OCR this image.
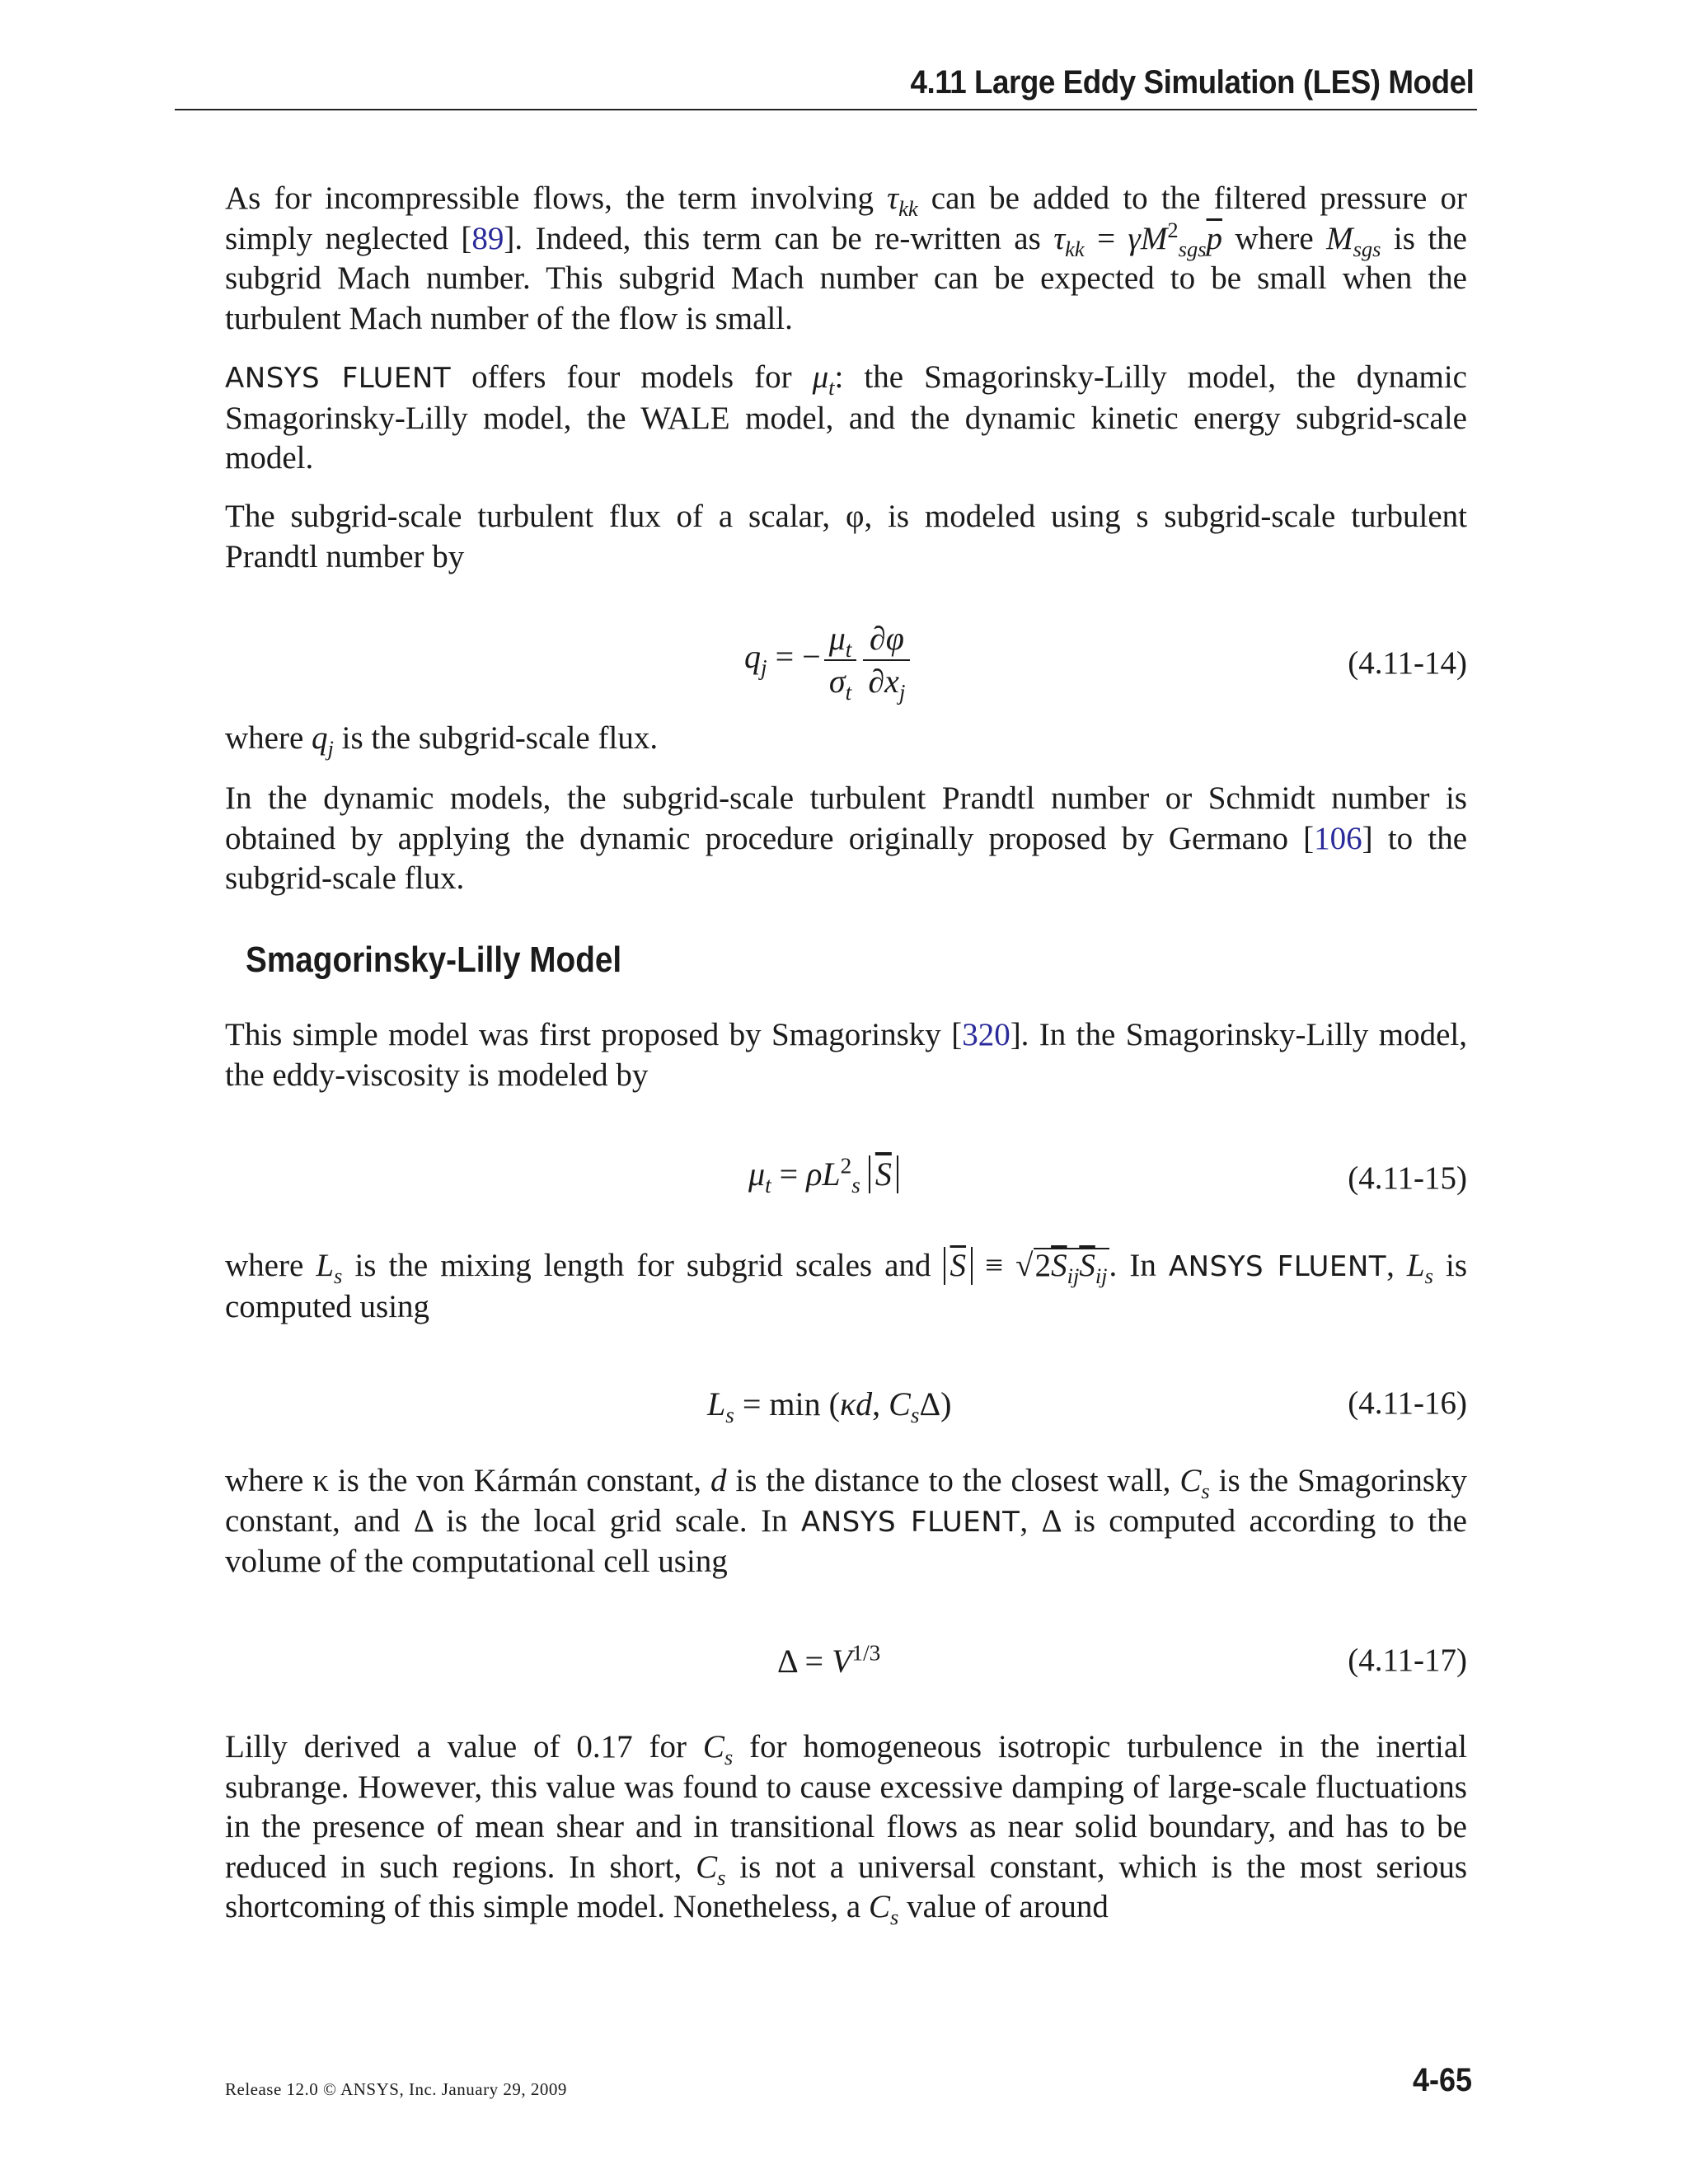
4.11 Large Eddy Simulation (LES) Model

As for incompressible flows, the term involving $\tau_{kk}$ can be added to the filtered pressure or simply neglected [89]. Indeed, this term can be re-written as $\tau_{kk} = \gamma M^2_{sgs}\overline{p}$ where $M_{sgs}$ is the subgrid Mach number. This subgrid Mach number can be expected to be small when the turbulent Mach number of the flow is small.

ANSYS FLUENT offers four models for $\mu_t$: the Smagorinsky-Lilly model, the dynamic Smagorinsky-Lilly model, the WALE model, and the dynamic kinetic energy subgrid-scale model.

The subgrid-scale turbulent flux of a scalar, φ, is modeled using s subgrid-scale turbulent Prandtl number by

$q_j$ = − $\frac{\mu_t}{\sigma_t} \frac{\partial\varphi}{\partial x_j}$	(4.11-14)

where $q_j$ is the subgrid-scale flux.

In the dynamic models, the subgrid-scale turbulent Prandtl number or Schmidt number is obtained by applying the dynamic procedure originally proposed by Germano [106] to the subgrid-scale flux.

Smagorinsky-Lilly Model

This simple model was first proposed by Smagorinsky [320]. In the Smagorinsky-Lilly model, the eddy-viscosity is modeled by

$\mu_t = \rho L^2_s$ $\overline{S}$	(4.11-15)

where $L_s$ is the mixing length for subgrid scales and $\overline{S} \equiv √2\overline{S}_{ij}\overline{S}_{ij}$. In ANSYS FLUENT, $L_s$ is computed using

$L_s = \min (\kappa d$, $C_s\Delta$)	(4.11-16)

where κ is the von Kármán constant, d is the distance to the closest wall, $C_s$ is the Smagorinsky constant, and Δ is the local grid scale. In ANSYS FLUENT, Δ is computed according to the volume of the computational cell using

$\Delta = V^{1/3}$	(4.11-17)

Lilly derived a value of 0.17 for $C_s$ for homogeneous isotropic turbulence in the inertial subrange. However, this value was found to cause excessive damping of large-scale fluctuations in the presence of mean shear and in transitional flows as near solid boundary, and has to be reduced in such regions. In short, $C_s$ is not a universal constant, which is the most serious shortcoming of this simple model. Nonetheless, a $C_s$ value of around

Release 12.0 © ANSYS, Inc. January 29, 2009	4-65
